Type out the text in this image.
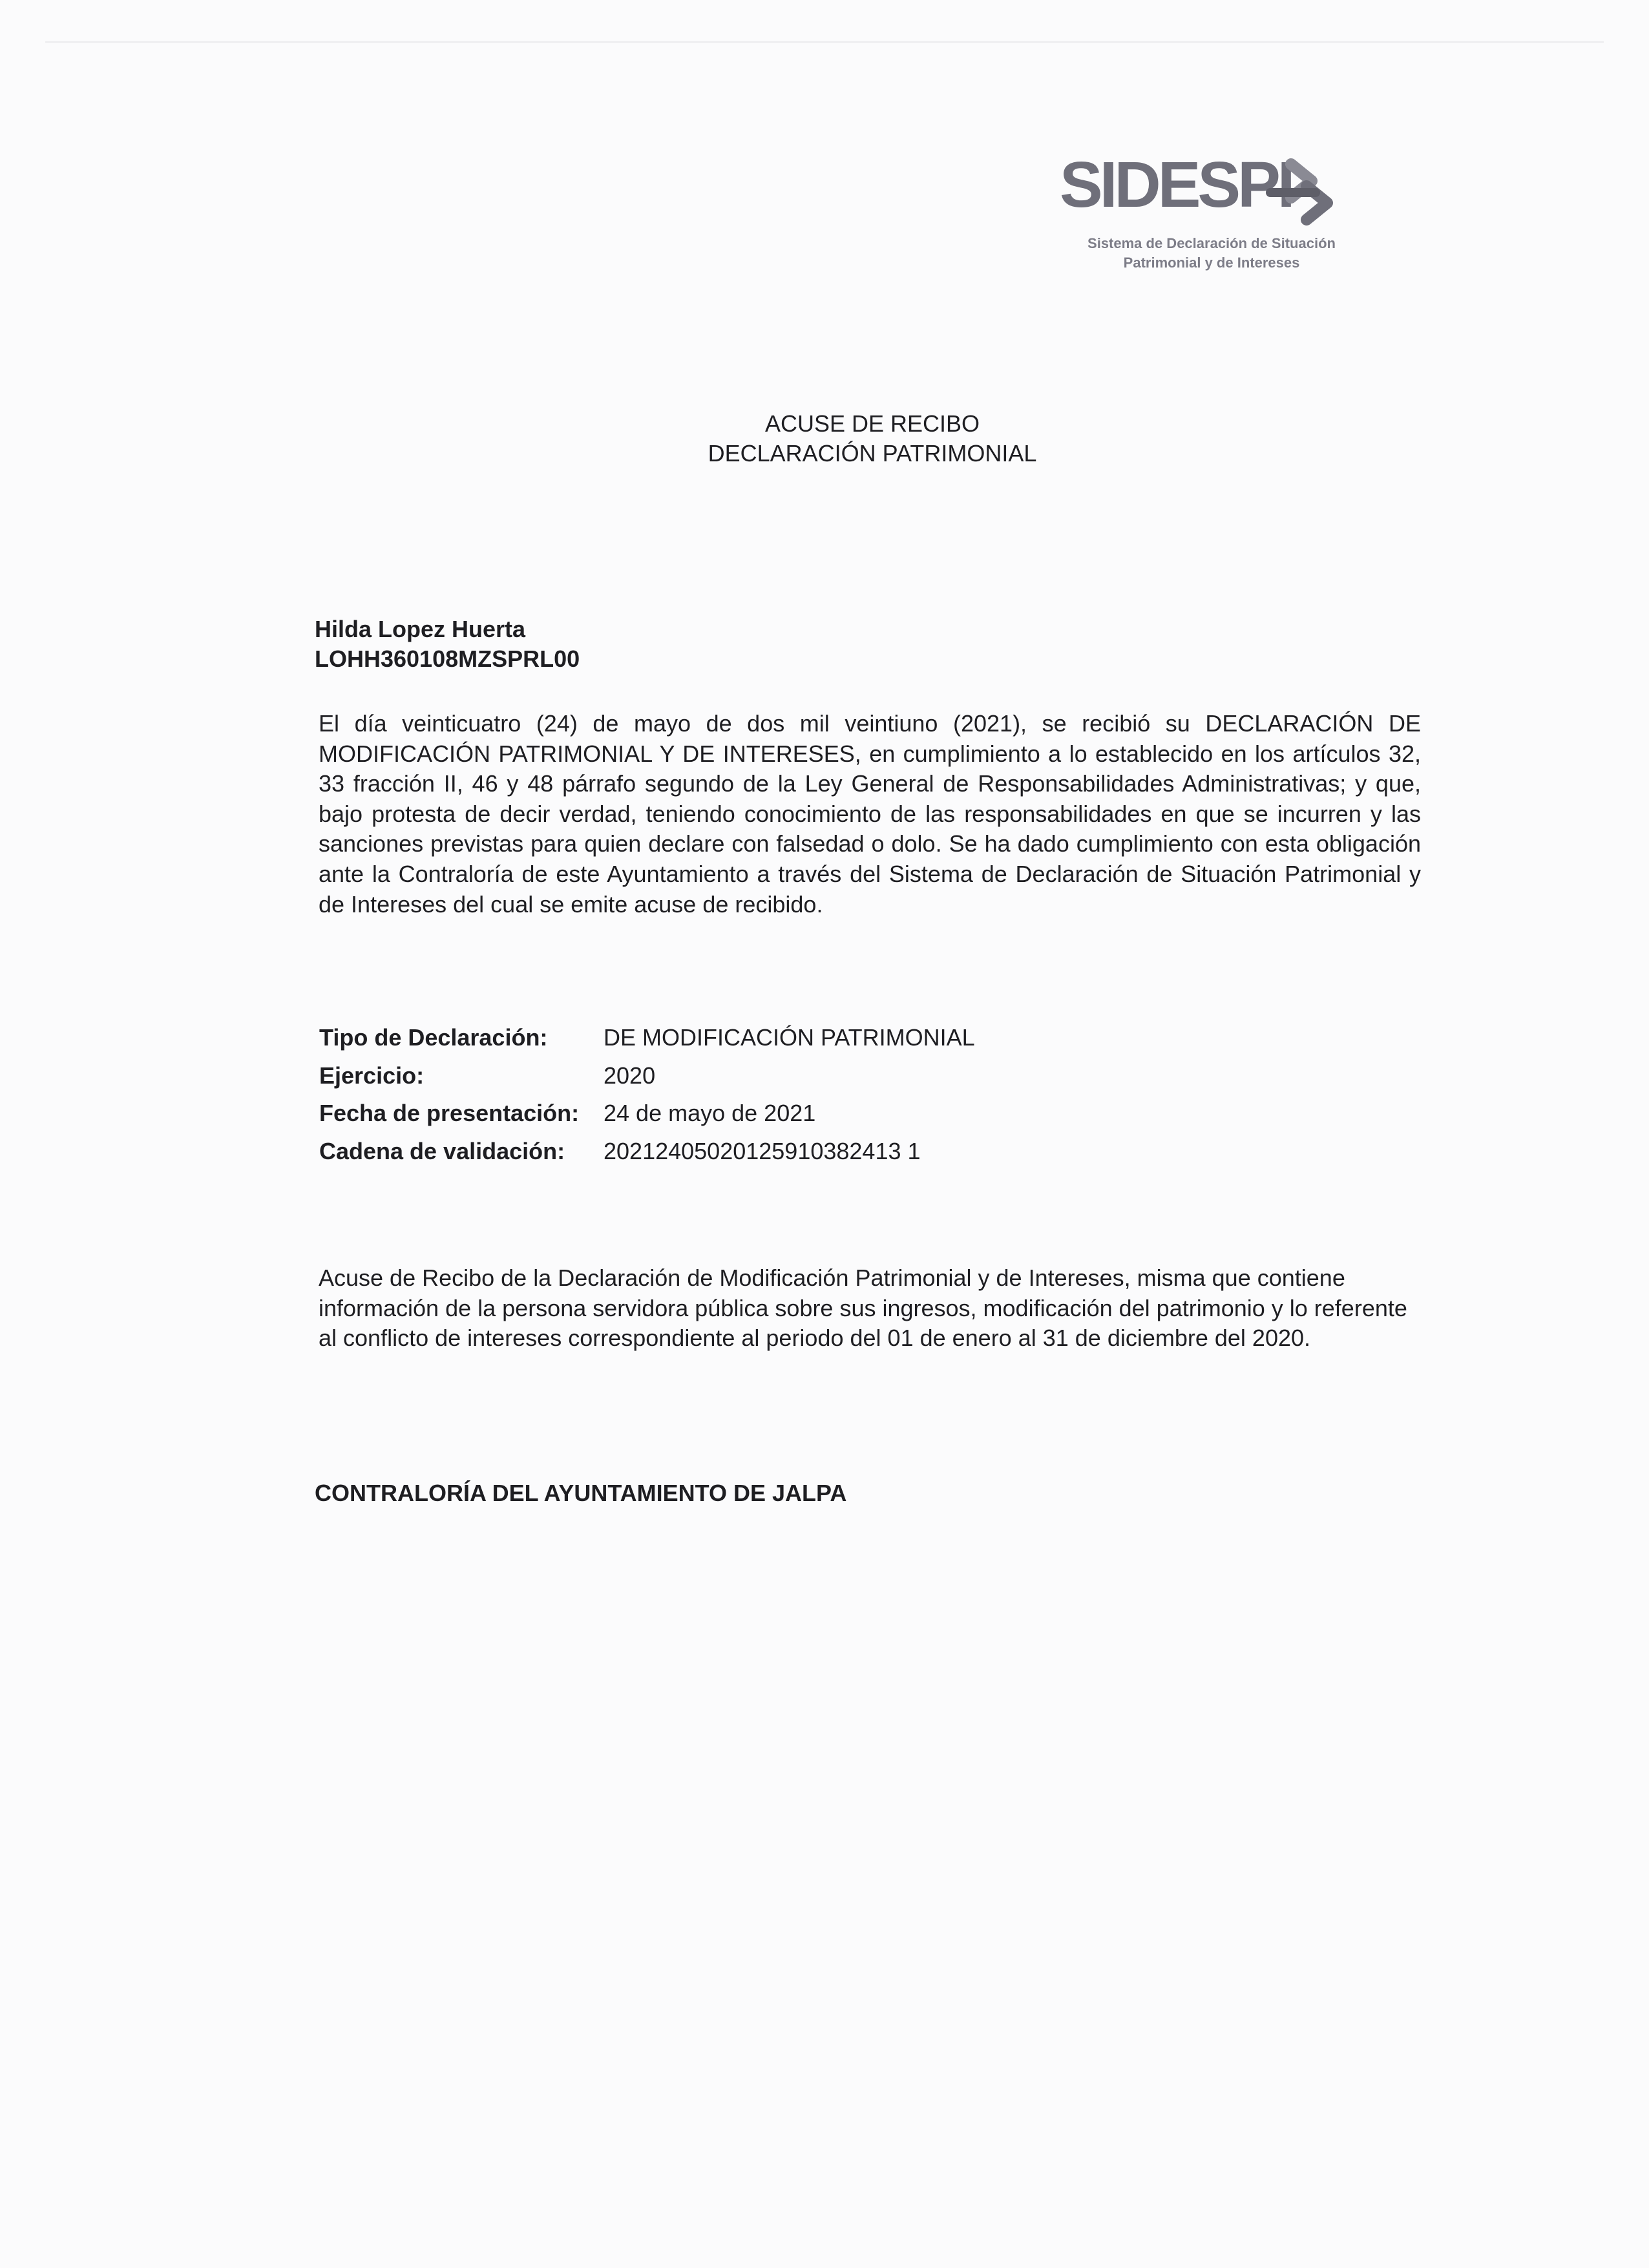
SIDESPI
Sistema de Declaración de Situación
Patrimonial y de Intereses
ACUSE DE RECIBO
DECLARACIÓN PATRIMONIAL
Hilda Lopez Huerta
LOHH360108MZSPRL00

El día veinticuatro (24) de mayo de dos mil veintiuno (2021), se recibió su DECLARACIÓN DE MODIFICACIÓN PATRIMONIAL Y DE INTERESES, en cumplimiento a lo establecido en los artículos 32, 33 fracción II, 46 y 48 párrafo segundo de la Ley General de Responsabilidades Administrativas; y que, bajo protesta de decir verdad, teniendo conocimiento de las responsabilidades en que se incurren y las sanciones previstas para quien declare con falsedad o dolo. Se ha dado cumplimiento con esta obligación ante la Contraloría de este Ayuntamiento a través del Sistema de Declaración de Situación Patrimonial y de Intereses del cual se emite acuse de recibido.

Tipo de Declaración:	DE MODIFICACIÓN PATRIMONIAL
Ejercicio:	2020
Fecha de presentación:	24 de mayo de 2021
Cadena de validación:	20212405020125910382413 1

Acuse de Recibo de la Declaración de Modificación Patrimonial y de Intereses, misma que contiene información de la persona servidora pública sobre sus ingresos, modificación del patrimonio y lo referente al conflicto de intereses correspondiente al periodo del 01 de enero al 31 de diciembre del 2020.

CONTRALORÍA DEL AYUNTAMIENTO DE JALPA
